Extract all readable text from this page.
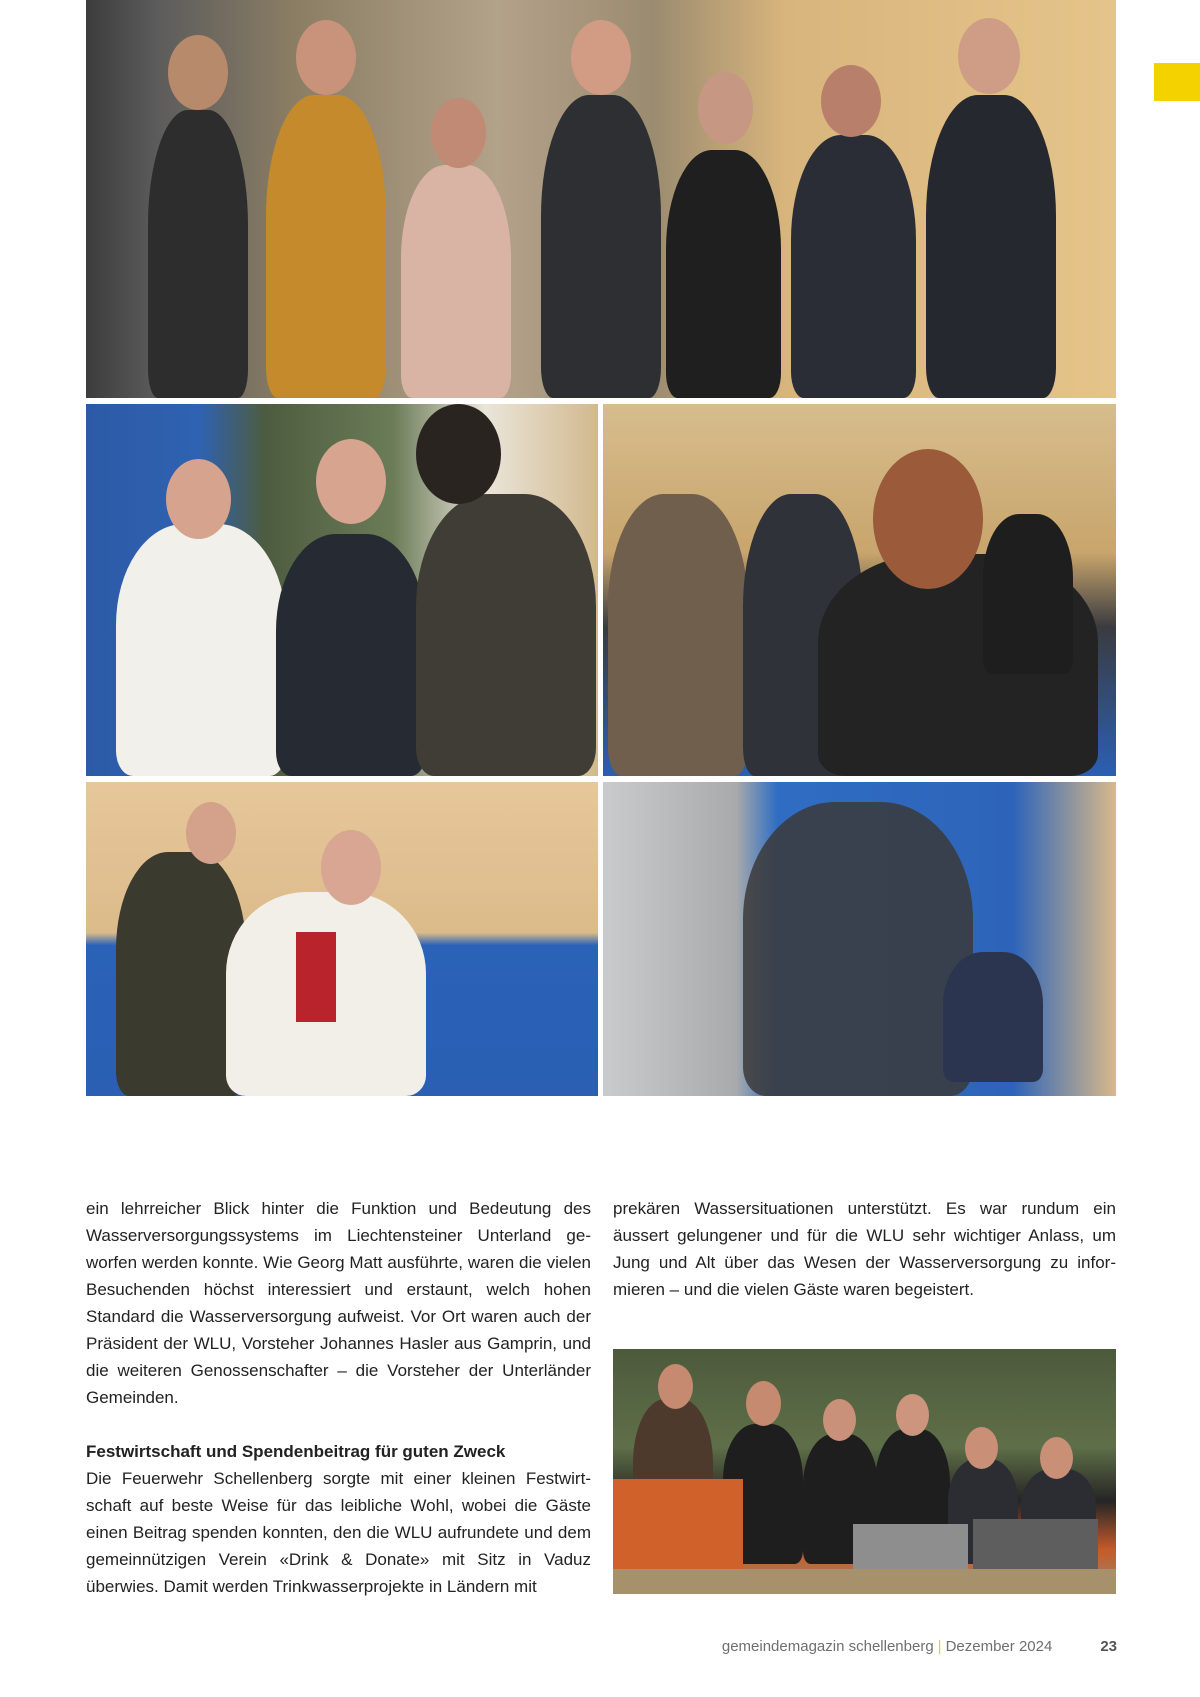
ein lehrreicher Blick hinter die Funktion und Bedeutung des Wasserversorgungssystems im Liechtensteiner Unterland geworfen werden konnte. Wie Georg Matt ausführte, waren die vielen Besuchenden höchst interessiert und erstaunt, welch hohen Standard die Wasserversorgung aufweist. Vor Ort waren auch der Präsident der WLU, Vorsteher Johannes Hasler aus Gamprin, und die weiteren Genossenschafter – die Vorsteher der Unterländer Gemeinden.

Festwirtschaft und Spendenbeitrag für guten Zweck

Die Feuerwehr Schellenberg sorgte mit einer kleinen Festwirtschaft auf beste Weise für das leibliche Wohl, wobei die Gäste einen Beitrag spenden konnten, den die WLU aufrundete und dem gemeinnützigen Verein «Drink & Donate» mit Sitz in Vaduz überwies. Damit werden Trinkwasserprojekte in Ländern mit

prekären Wassersituationen unterstützt. Es war rundum ein äussert gelungener und für die WLU sehr wichtiger Anlass, um Jung und Alt über das Wesen der Wasserversorgung zu informieren – und die vielen Gäste waren begeistert.

gemeindemagazin schellenberg | Dezember 2024	23
